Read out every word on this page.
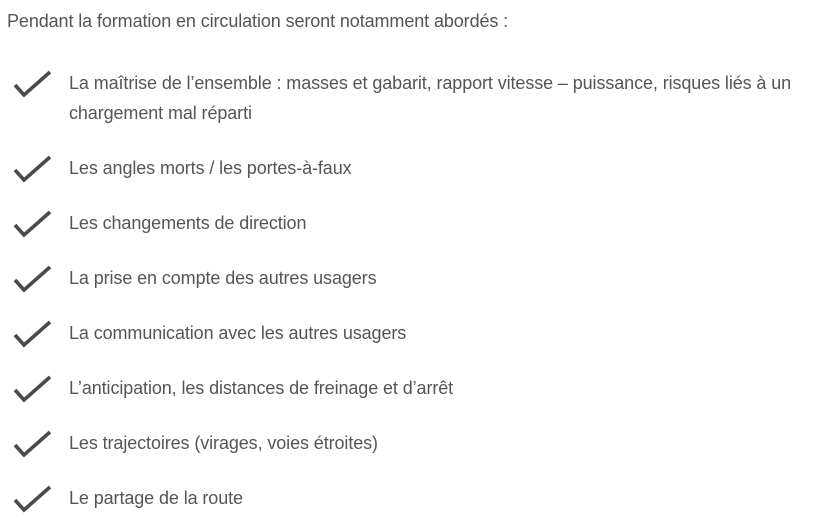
Pendant la formation en circulation seront notamment abordés :

La maîtrise de l’ensemble : masses et gabarit, rapport vitesse – puissance, risques liés à un chargement mal réparti
Les angles morts / les portes-à-faux
Les changements de direction
La prise en compte des autres usagers
La communication avec les autres usagers
L’anticipation, les distances de freinage et d’arrêt
Les trajectoires (virages, voies étroites)
Le partage de la route
